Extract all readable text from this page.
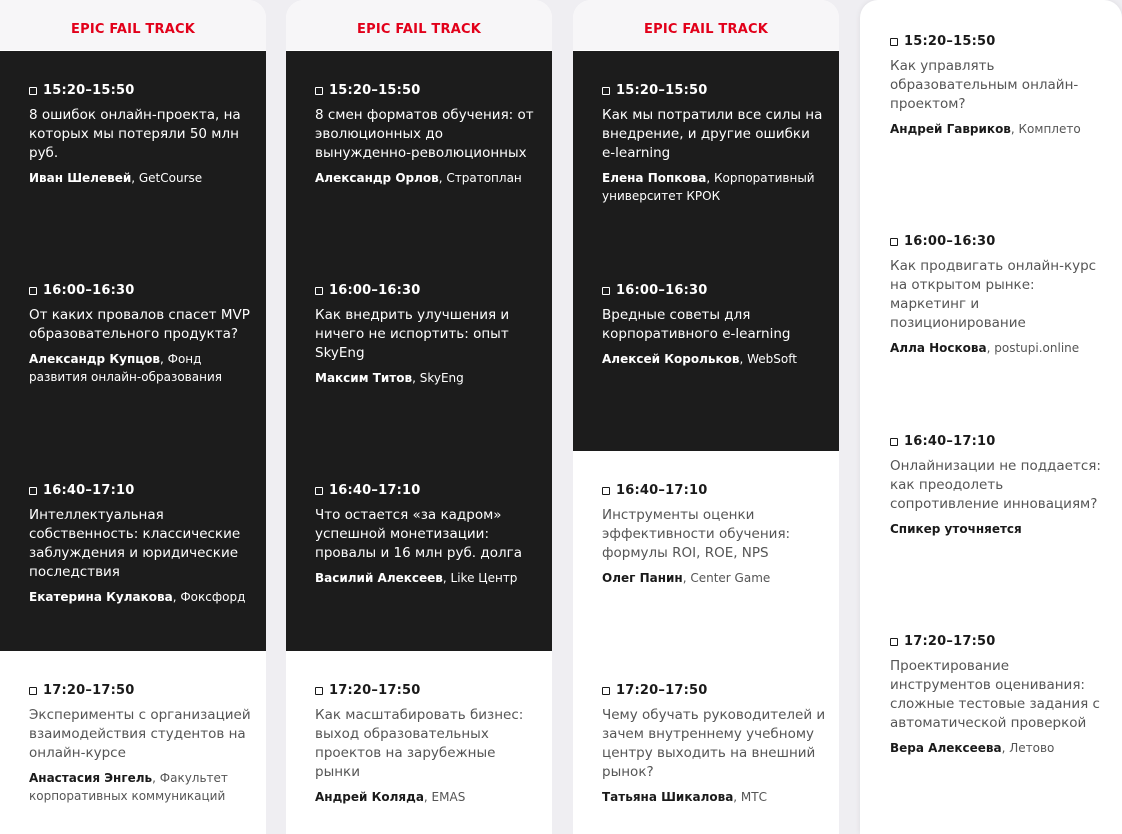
EPIC FAIL TRACK
15:20–15:50
8 ошибок онлайн-проекта, на которых мы потеряли 50 млн руб.
Иван Шелевей, GetCourse
16:00–16:30
От каких провалов спасет MVP образовательного продукта?
Александр Купцов, Фонд развития онлайн-образования
16:40–17:10
Интеллектуальная собственность: классические заблуждения и юридические последствия
Екатерина Кулакова, Фоксфорд
17:20–17:50
Эксперименты с организацией взаимодействия студентов на онлайн-курсе
Анастасия Энгель, Факультет корпоративных коммуникаций
EPIC FAIL TRACK
15:20–15:50
8 смен форматов обучения: от эволюционных до вынужденно-революционных
Александр Орлов, Стратоплан
16:00–16:30
Как внедрить улучшения и ничего не испортить: опыт SkyEng
Максим Титов, SkyEng
16:40–17:10
Что остается «за кадром» успешной монетизации: провалы и 16 млн руб. долга
Василий Алексеев, Like Центр
17:20–17:50
Как масштабировать бизнес: выход образовательных проектов на зарубежные рынки
Андрей Коляда, EMAS
EPIC FAIL TRACK
15:20–15:50
Как мы потратили все силы на внедрение, и другие ошибки e-learning
Елена Попкова, Корпоративный университет КРОК
16:00–16:30
Вредные советы для корпоративного e-learning
Алексей Корольков, WebSoft
16:40–17:10
Инструменты оценки эффективности обучения: формулы ROI, ROE, NPS
Олег Панин, Center Game
17:20–17:50
Чему обучать руководителей и зачем внутреннему учебному центру выходить на внешний рынок?
Татьяна Шикалова, МТС
15:20–15:50
Как управлять образовательным онлайн-проектом?
Андрей Гавриков, Комплето
16:00–16:30
Как продвигать онлайн-курс на открытом рынке: маркетинг и позиционирование
Алла Носкова, postupi.online
16:40–17:10
Онлайнизации не поддается: как преодолеть сопротивление инновациям?
Спикер уточняется
17:20–17:50
Проектирование инструментов оценивания: сложные тестовые задания с автоматической проверкой
Вера Алексеева, Летово
